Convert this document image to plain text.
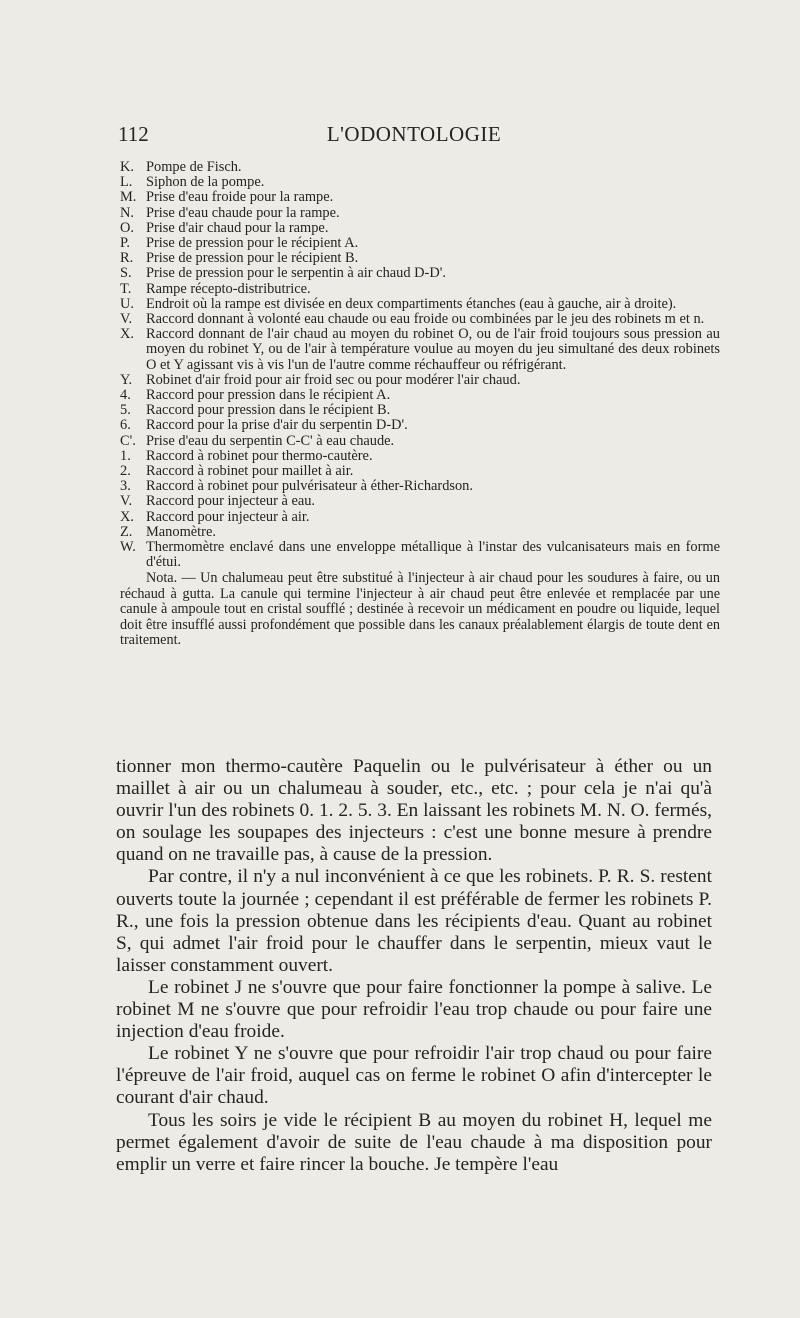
112	L'ODONTOLOGIE
K. Pompe de Fisch.
L. Siphon de la pompe.
M. Prise d'eau froide pour la rampe.
N. Prise d'eau chaude pour la rampe.
O. Prise d'air chaud pour la rampe.
P.	Prise de pression pour le récipient A.
R. Prise de pression pour le récipient B.
S. Prise de pression pour le serpentin à air chaud D-D'.
T.	Rampe récepto-distributrice.
U. Endroit où la rampe est divisée en deux compartiments étanches (eau à gauche, air à droite).
V. Raccord donnant à volonté eau chaude ou eau froide ou combinées par le jeu des robinets m et n.
X. Raccord donnant de l'air chaud au moyen du robinet O, ou de l'air froid toujours sous pression au moyen du robinet Y, ou de l'air à température voulue au moyen du jeu simultané des deux robinets O et Y agissant vis à vis l'un de l'autre comme réchauffeur ou réfrigérant.
Y. Robinet d'air froid pour air froid sec ou pour modérer l'air chaud.
4.	Raccord pour pression dans le récipient A.
5.	Raccord pour pression dans le récipient B.
6.	Raccord pour la prise d'air du serpentin D-D'.
C'. Prise d'eau du serpentin C-C' à eau chaude.
1.	Raccord à robinet pour thermo-cautère.
2.	Raccord à robinet pour maillet à air.
3.	Raccord à robinet pour pulvérisateur à éther-Richardson.
V. Raccord pour injecteur à eau.
X. Raccord pour injecteur à air.
Z. Manomètre.
W. Thermomètre enclavé dans une enveloppe métallique à l'instar des vulcanisateurs mais en forme d'étui.
Nota. — Un chalumeau peut être substitué à l'injecteur à air chaud pour les soudures à faire, ou un réchaud à gutta. La canule qui termine l'injecteur à air chaud peut être enlevée et remplacée par une canule à ampoule tout en cristal soufflé ; destinée à recevoir un médicament en poudre ou liquide, lequel doit être insufflé aussi profondément que possible dans les canaux préalablement élargis de toute dent en traitement.

tionner mon thermo-cautère Paquelin ou le pulvérisateur à éther ou un maillet à air ou un chalumeau à souder, etc., etc. ; pour cela je n'ai qu'à ouvrir l'un des robinets 0. 1. 2. 5. 3. En laissant les robinets M. N. O. fermés, on soulage les soupapes des injecteurs : c'est une bonne mesure à prendre quand on ne travaille pas, à cause de la pression.

Par contre, il n'y a nul inconvénient à ce que les robinets. P. R. S. restent ouverts toute la journée ; cependant il est préférable de fermer les robinets P. R., une fois la pression obtenue dans les récipients d'eau. Quant au robinet S, qui admet l'air froid pour le chauffer dans le serpentin, mieux vaut le laisser constamment ouvert.

Le robinet J ne s'ouvre que pour faire fonctionner la pompe à salive. Le robinet M ne s'ouvre que pour refroidir l'eau trop chaude ou pour faire une injection d'eau froide.

Le robinet Y ne s'ouvre que pour refroidir l'air trop chaud ou pour faire l'épreuve de l'air froid, auquel cas on ferme le robinet O afin d'intercepter le courant d'air chaud.

Tous les soirs je vide le récipient B au moyen du robinet H, lequel me permet également d'avoir de suite de l'eau chaude à ma disposition pour emplir un verre et faire rincer la bouche. Je tempère l'eau
